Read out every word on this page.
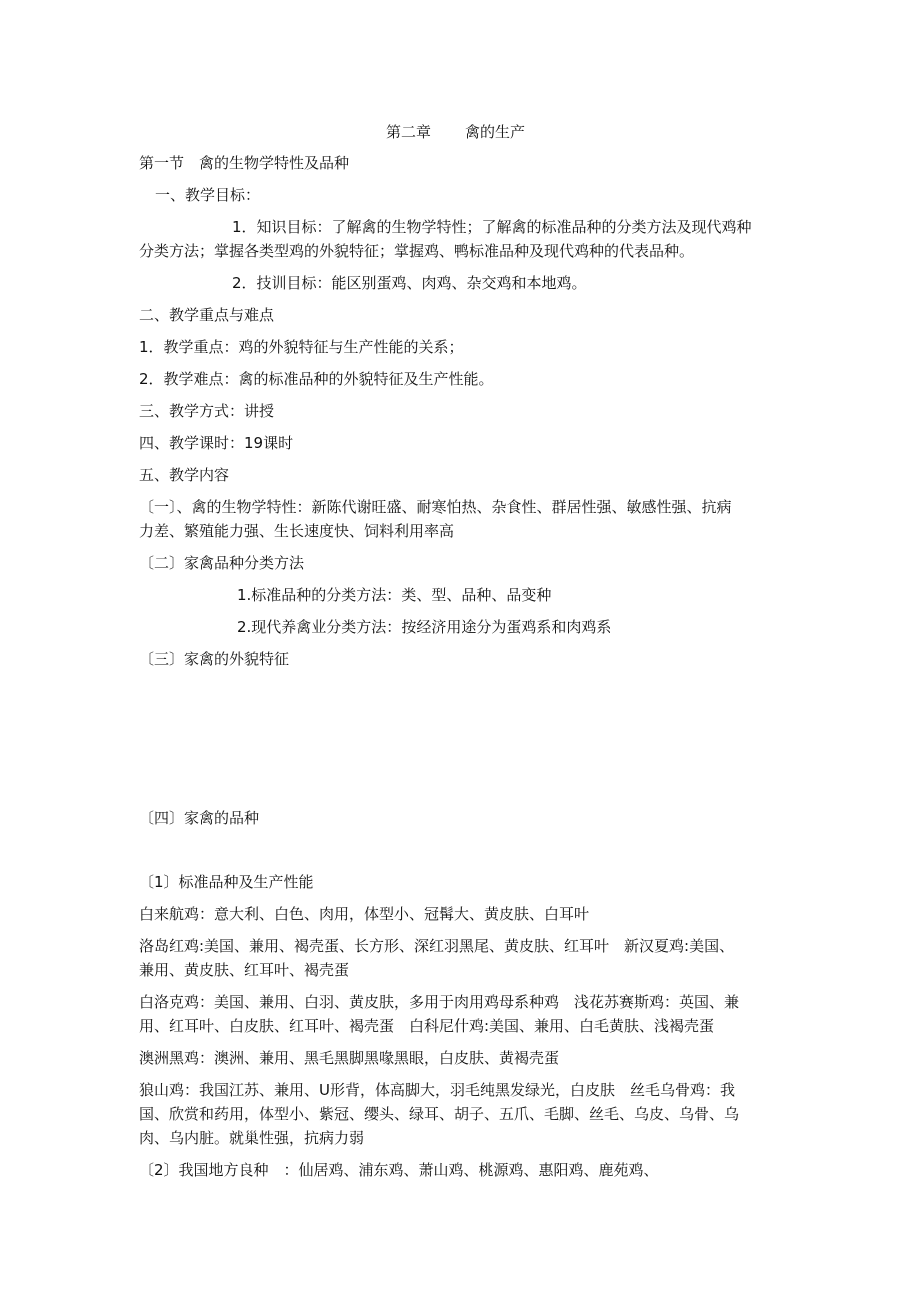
第二章 禽的生产
第一节　禽的生物学特性及品种
一、教学目标：
1．知识目标：了解禽的生物学特性；了解禽的标准品种的分类方法及现代鸡种
分类方法；掌握各类型鸡的外貌特征；掌握鸡、鸭标准品种及现代鸡种的代表品种。
2．技训目标：能区别蛋鸡、肉鸡、杂交鸡和本地鸡。
二、教学重点与难点
1．教学重点：鸡的外貌特征与生产性能的关系；
2．教学难点：禽的标准品种的外貌特征及生产性能。
三、教学方式：讲授
四、教学课时：19课时
五、教学内容
〔一〕、禽的生物学特性：新陈代谢旺盛、耐寒怕热、杂食性、群居性强、敏感性强、抗病
力差、繁殖能力强、生长速度快、饲料利用率高
〔二〕家禽品种分类方法
1.标准品种的分类方法：类、型、品种、品变种
2.现代养禽业分类方法：按经济用途分为蛋鸡系和肉鸡系
〔三〕家禽的外貌特征
〔四〕家禽的品种
〔1〕标准品种及生产性能
白来航鸡：意大利、白色、肉用，体型小、冠髯大、黄皮肤、白耳叶
洛岛红鸡:美国、兼用、褐壳蛋、长方形、深红羽黑尾、黄皮肤、红耳叶　新汉夏鸡:美国、
兼用、黄皮肤、红耳叶、褐壳蛋
白洛克鸡：美国、兼用、白羽、黄皮肤，多用于肉用鸡母系种鸡　浅花苏赛斯鸡：英国、兼
用、红耳叶、白皮肤、红耳叶、褐壳蛋　白科尼什鸡:美国、兼用、白毛黄肤、浅褐壳蛋
澳洲黑鸡：澳洲、兼用、黑毛黑脚黑喙黑眼，白皮肤、黄褐壳蛋
狼山鸡：我国江苏、兼用、U形背，体高脚大，羽毛纯黑发绿光，白皮肤　丝毛乌骨鸡：我
国、欣赏和药用，体型小、紫冠、缨头、绿耳、胡子、五爪、毛脚、丝毛、乌皮、乌骨、乌
肉、乌内脏。就巢性强，抗病力弱
〔2〕我国地方良种　：仙居鸡、浦东鸡、萧山鸡、桃源鸡、惠阳鸡、鹿苑鸡、
